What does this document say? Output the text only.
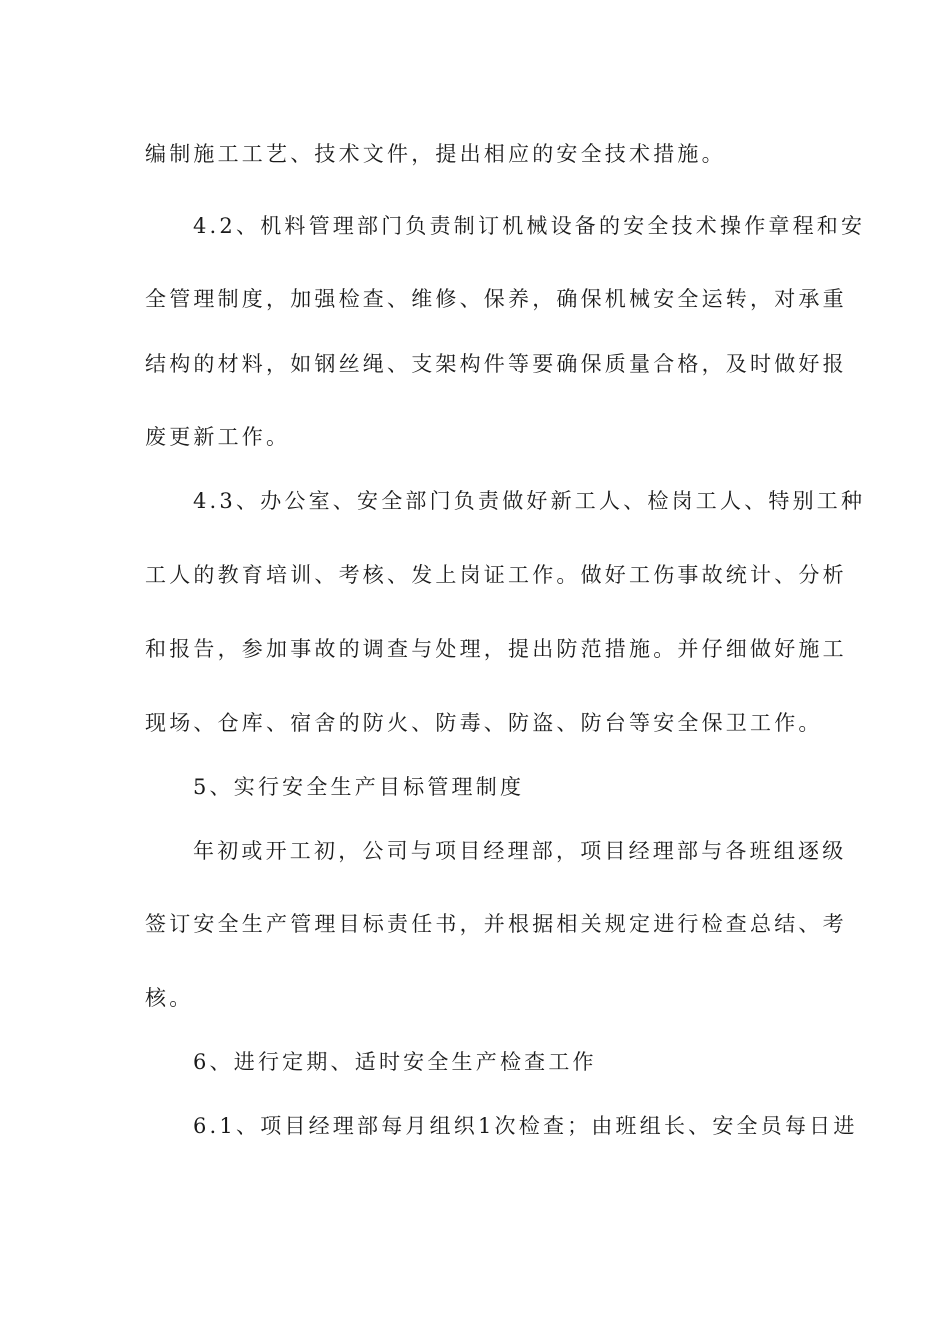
编制施工工艺、技术文件，提出相应的安全技术措施。
4.2、机料管理部门负责制订机械设备的安全技术操作章程和安
全管理制度，加强检查、维修、保养，确保机械安全运转，对承重
结构的材料，如钢丝绳、支架构件等要确保质量合格，及时做好报
废更新工作。
4.3、办公室、安全部门负责做好新工人、检岗工人、特别工种
工人的教育培训、考核、发上岗证工作。做好工伤事故统计、分析
和报告，参加事故的调查与处理，提出防范措施。并仔细做好施工
现场、仓库、宿舍的防火、防毒、防盗、防台等安全保卫工作。
5、实行安全生产目标管理制度
年初或开工初，公司与项目经理部，项目经理部与各班组逐级
签订安全生产管理目标责任书，并根据相关规定进行检查总结、考
核。
6、进行定期、适时安全生产检查工作
6.1、项目经理部每月组织1次检查；由班组长、安全员每日进
